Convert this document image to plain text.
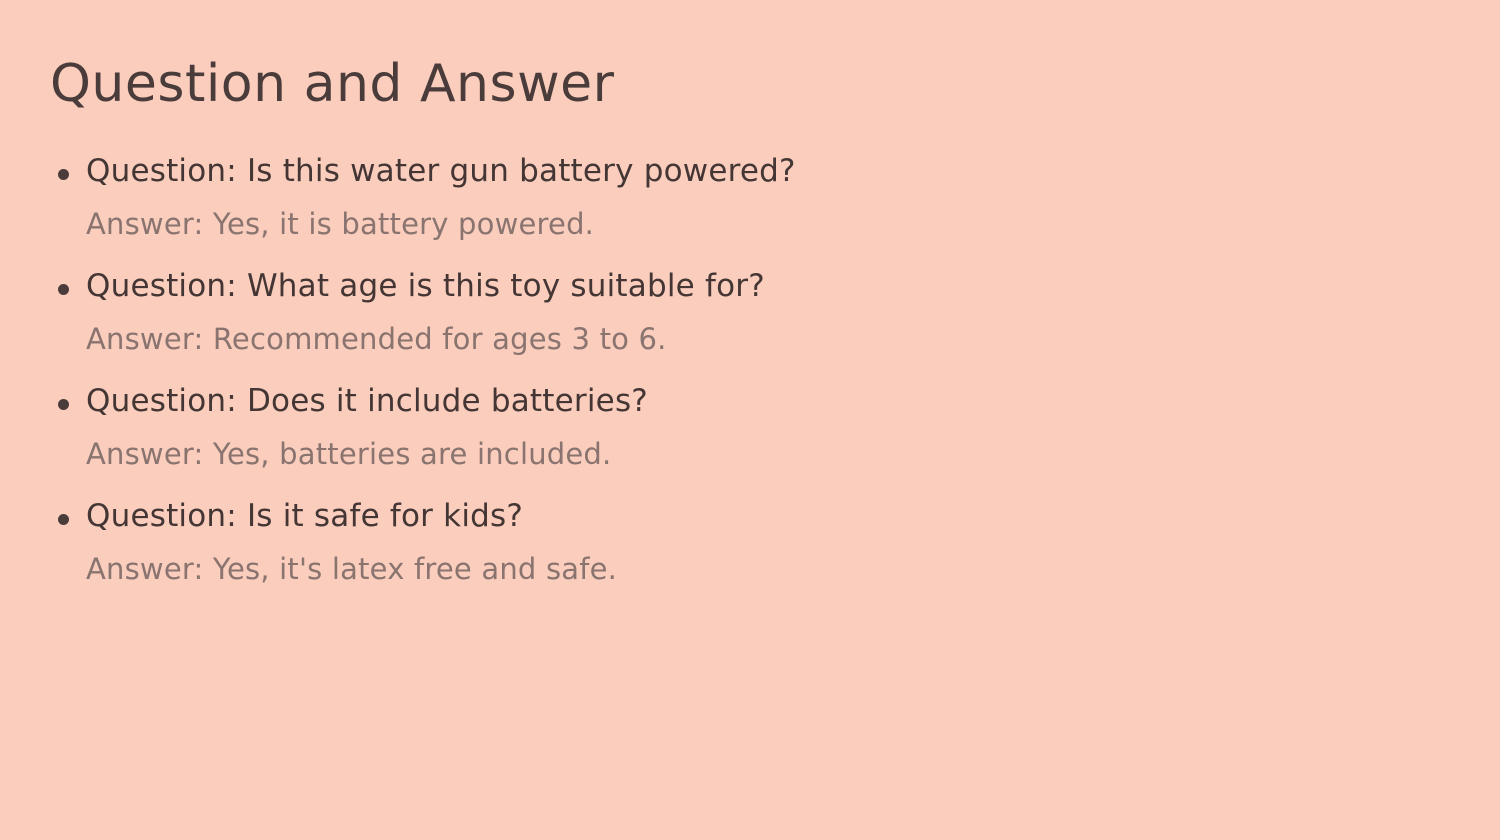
Question and Answer

Question: Is this water gun battery powered?

Answer: Yes, it is battery powered.

Question: What age is this toy suitable for?

Answer: Recommended for ages 3 to 6.

Question: Does it include batteries?

Answer: Yes, batteries are included.

Question: Is it safe for kids?

Answer: Yes, it's latex free and safe.
